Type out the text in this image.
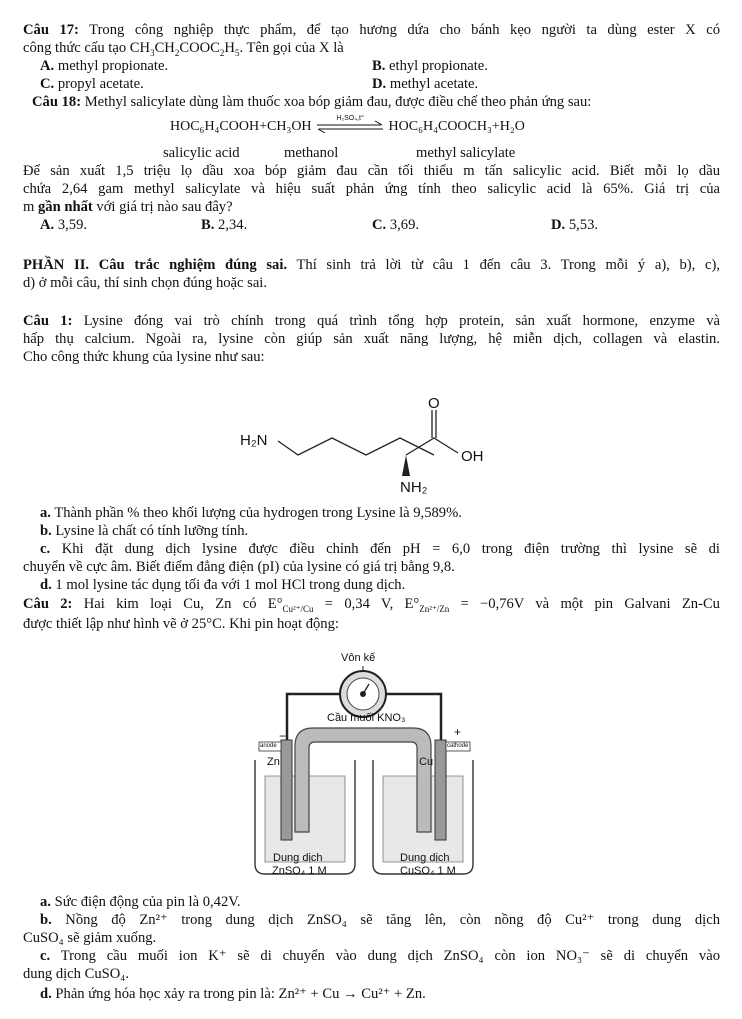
Câu 17: Trong công nghiệp thực phẩm, để tạo hương dứa cho bánh kẹo người ta dùng ester X có
công thức cấu tạo $CH_3CH_2COOC_2H_5$. Tên gọi của X là
A. methyl propionate.	B. ethyl propionate.
C. propyl acetate.	D. methyl acetate.
Câu 18: Methyl salicylate dùng làm thuốc xoa bóp giảm đau, được điều chế theo phản ứng sau:
HOC₆H₄COOH+CH₃OH
H₂SO₄,t°
HOC₆H₄COOCH₃+H₂O
salicylic acid	methanol	methyl salicylate
Để sản xuất 1,5 triệu lọ dầu xoa bóp giảm đau cần tối thiểu m tấn salicylic acid. Biết mỗi lọ dầu
chứa 2,64 gam methyl salicylate và hiệu suất phản ứng tính theo salicylic acid là 65%. Giá trị của
m gần nhất với giá trị nào sau đây?
A. 3,59.	B. 2,34.	C. 3,69.	D. 5,53.
PHẦN II. Câu trắc nghiệm đúng sai. Thí sinh trả lời từ câu 1 đến câu 3. Trong mỗi ý a), b), c),
d) ở mỗi câu, thí sinh chọn đúng hoặc sai.
Câu 1: Lysine đóng vai trò chính trong quá trình tổng hợp protein, sản xuất hormone, enzyme và
hấp thụ calcium. Ngoài ra, lysine còn giúp sản xuất năng lượng, hệ miễn dịch, collagen và elastin.
Cho công thức khung của lysine như sau:
H₂N
O
OH
NH₂
a. Thành phần % theo khối lượng của hydrogen trong Lysine là 9,589%.
b. Lysine là chất có tính lưỡng tính.
c. Khi đặt dung dịch lysine được điều chỉnh đến pH = 6,0 trong điện trường thì lysine sẽ di
chuyển về cực âm. Biết điểm đẳng điện (pI) của lysine có giá trị bằng 9,8.
d. 1 mol lysine tác dụng tối đa với 1 mol HCl trong dung dịch.
Câu 2: Hai kim loại Cu, Zn có $E^\circ_{Cu^{2+}/Cu} = 0,34$ V, $E^\circ_{Zn^{2+}/Zn} = -0,76V$ và một pin Galvani Zn-Cu
được thiết lập như hình vẽ ở 25°C. Khi pin hoạt động:
Vôn kế
Cầu muối KNO₃
anode	cathode
−	+
Zn	Cu
Dung dịch
ZnSO₄ 1 M
Dung dịch
CuSO₄ 1 M
a. Sức điện động của pin là 0,42V.
b. Nồng độ Zn²⁺ trong dung dịch ZnSO₄ sẽ tăng lên, còn nồng độ Cu²⁺ trong dung dịch
CuSO₄ sẽ giảm xuống.
c. Trong cầu muối ion K⁺ sẽ di chuyển vào dung dịch ZnSO₄ còn ion NO₃⁻ sẽ di chuyển vào
dung dịch CuSO₄.
d. Phản ứng hóa học xảy ra trong pin là: Zn²⁺ + Cu → Cu²⁺ + Zn.
